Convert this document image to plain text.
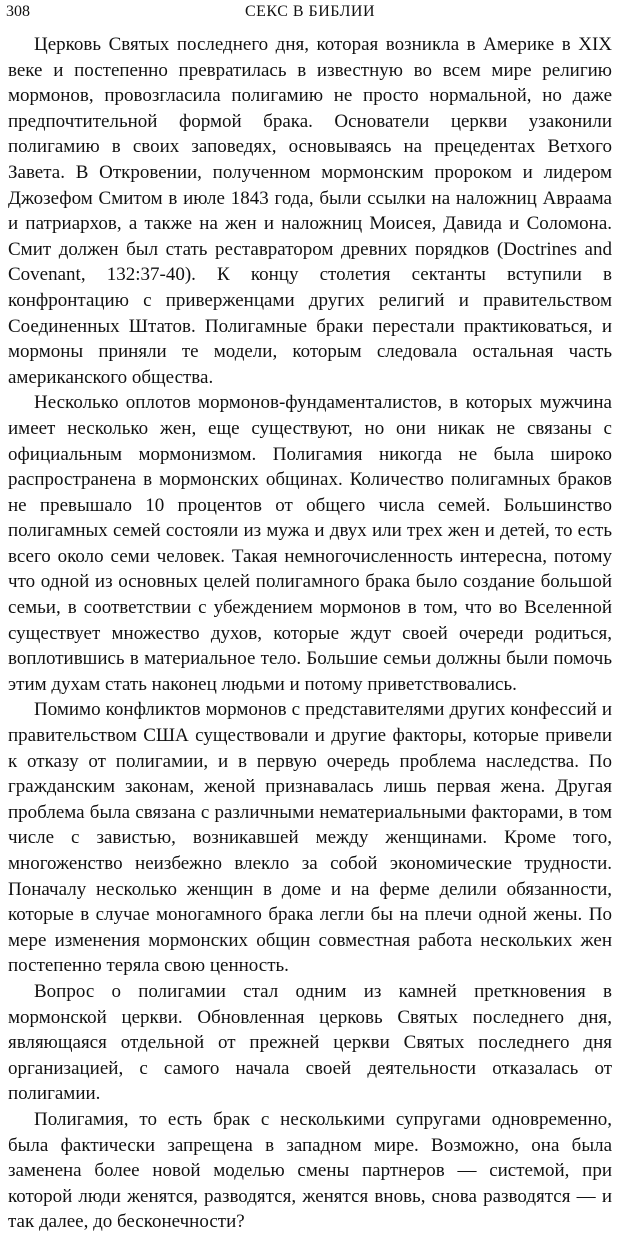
308	СЕКС В БИБЛИИ

Церковь Святых последнего дня, которая возникла в Америке в XIX веке и постепенно превратилась в известную во всем мире религию мормонов, провозгласила полигамию не просто нормальной, но даже предпочтительной формой брака. Основатели церкви узаконили полигамию в своих заповедях, основываясь на прецедентах Ветхого Завета. В Откровении, полученном мормонским пророком и лидером Джозефом Смитом в июле 1843 года, были ссылки на наложниц Авраама и патриархов, а также на жен и наложниц Моисея, Давида и Соломона. Смит должен был стать реставратором древних порядков (Doctrines and Covenant, 132:37-40). К концу столетия сектанты вступили в конфронтацию с приверженцами других религий и правительством Соединенных Штатов. Полигамные браки перестали практиковаться, и мормоны приняли те модели, которым следовала остальная часть американского общества.

Несколько оплотов мормонов-фундаменталистов, в которых мужчина имеет несколько жен, еще существуют, но они никак не связаны с официальным мормонизмом. Полигамия никогда не была широко распространена в мормонских общинах. Количество полигамных браков не превышало 10 процентов от общего числа семей. Большинство полигамных семей состояли из мужа и двух или трех жен и детей, то есть всего около семи человек. Такая немногочисленность интересна, потому что одной из основных целей полигамного брака было создание большой семьи, в соответствии с убеждением мормонов в том, что во Вселенной существует множество духов, которые ждут своей очереди родиться, воплотившись в материальное тело. Большие семьи должны были помочь этим духам стать наконец людьми и потому приветствовались.

Помимо конфликтов мормонов с представителями других конфессий и правительством США существовали и другие факторы, которые привели к отказу от полигамии, и в первую очередь проблема наследства. По гражданским законам, женой признавалась лишь первая жена. Другая проблема была связана с различными нематериальными факторами, в том числе с завистью, возникавшей между женщинами. Кроме того, многоженство неизбежно влекло за собой экономические трудности. Поначалу несколько женщин в доме и на ферме делили обязанности, которые в случае моногамного брака легли бы на плечи одной жены. По мере изменения мормонских общин совместная работа нескольких жен постепенно теряла свою ценность.

Вопрос о полигамии стал одним из камней преткновения в мормонской церкви. Обновленная церковь Святых последнего дня, являющаяся отдельной от прежней церкви Святых последнего дня организацией, с самого начала своей деятельности отказалась от полигамии.

Полигамия, то есть брак с несколькими супругами одновременно, была фактически запрещена в западном мире. Возможно, она была заменена более новой моделью смены партнеров — системой, при которой люди женятся, разводятся, женятся вновь, снова разводятся — и так далее, до бесконечности?
